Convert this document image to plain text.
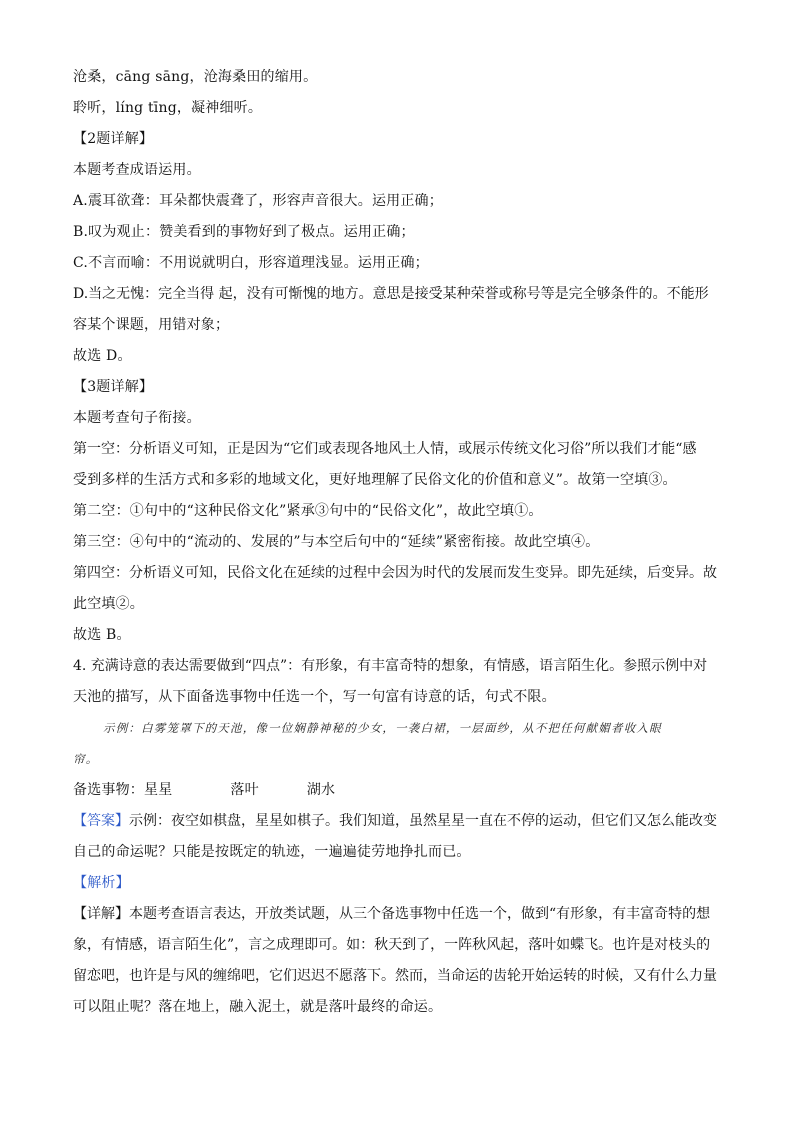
沧桑，cāng sāng，沧海桑田的缩用。
聆听，líng tīng，凝神细听。
【2题详解】
本题考查成语运用。
A.震耳欲聋：耳朵都快震聋了，形容声音很大。运用正确；
B.叹为观止：赞美看到的事物好到了极点。运用正确；
C.不言而喻：不用说就明白，形容道理浅显。运用正确；
D.当之无愧：完全当得 起，没有可惭愧的地方。意思是接受某种荣誉或称号等是完全够条件的。不能形
容某个课题，用错对象；
故选 D。
【3题详解】
本题考查句子衔接。
第一空：分析语义可知，正是因为“它们或表现各地风土人情，或展示传统文化习俗”所以我们才能“感
受到多样的生活方式和多彩的地域文化，更好地理解了民俗文化的价值和意义”。故第一空填③。
第二空：①句中的“这种民俗文化”紧承③句中的“民俗文化”，故此空填①。
第三空：④句中的“流动的、发展的”与本空后句中的“延续”紧密衔接。故此空填④。
第四空：分析语义可知，民俗文化在延续的过程中会因为时代的发展而发生变异。即先延续，后变异。故
此空填②。
故选 B。
4. 充满诗意的表达需要做到“四点”：有形象，有丰富奇特的想象，有情感，语言陌生化。参照示例中对
天池的描写，从下面备选事物中任选一个，写一句富有诗意的话，句式不限。
示例：白雾笼罩下的天池，像一位娴静神秘的少女，一袭白裙，一层面纱，从不把任何献媚者收入眼
帘。
备选事物：星星	落叶	湖水
【答案】示例：夜空如棋盘，星星如棋子。我们知道，虽然星星一直在不停的运动，但它们又怎么能改变
自己的命运呢？只能是按既定的轨迹，一遍遍徒劳地挣扎而已。
【解析】
【详解】本题考查语言表达，开放类试题，从三个备选事物中任选一个，做到“有形象，有丰富奇特的想
象，有情感，语言陌生化”，言之成理即可。如：秋天到了，一阵秋风起，落叶如蝶飞。也许是对枝头的
留恋吧，也许是与风的缠绵吧，它们迟迟不愿落下。然而，当命运的齿轮开始运转的时候，又有什么力量
可以阻止呢？落在地上，融入泥土，就是落叶最终的命运。
